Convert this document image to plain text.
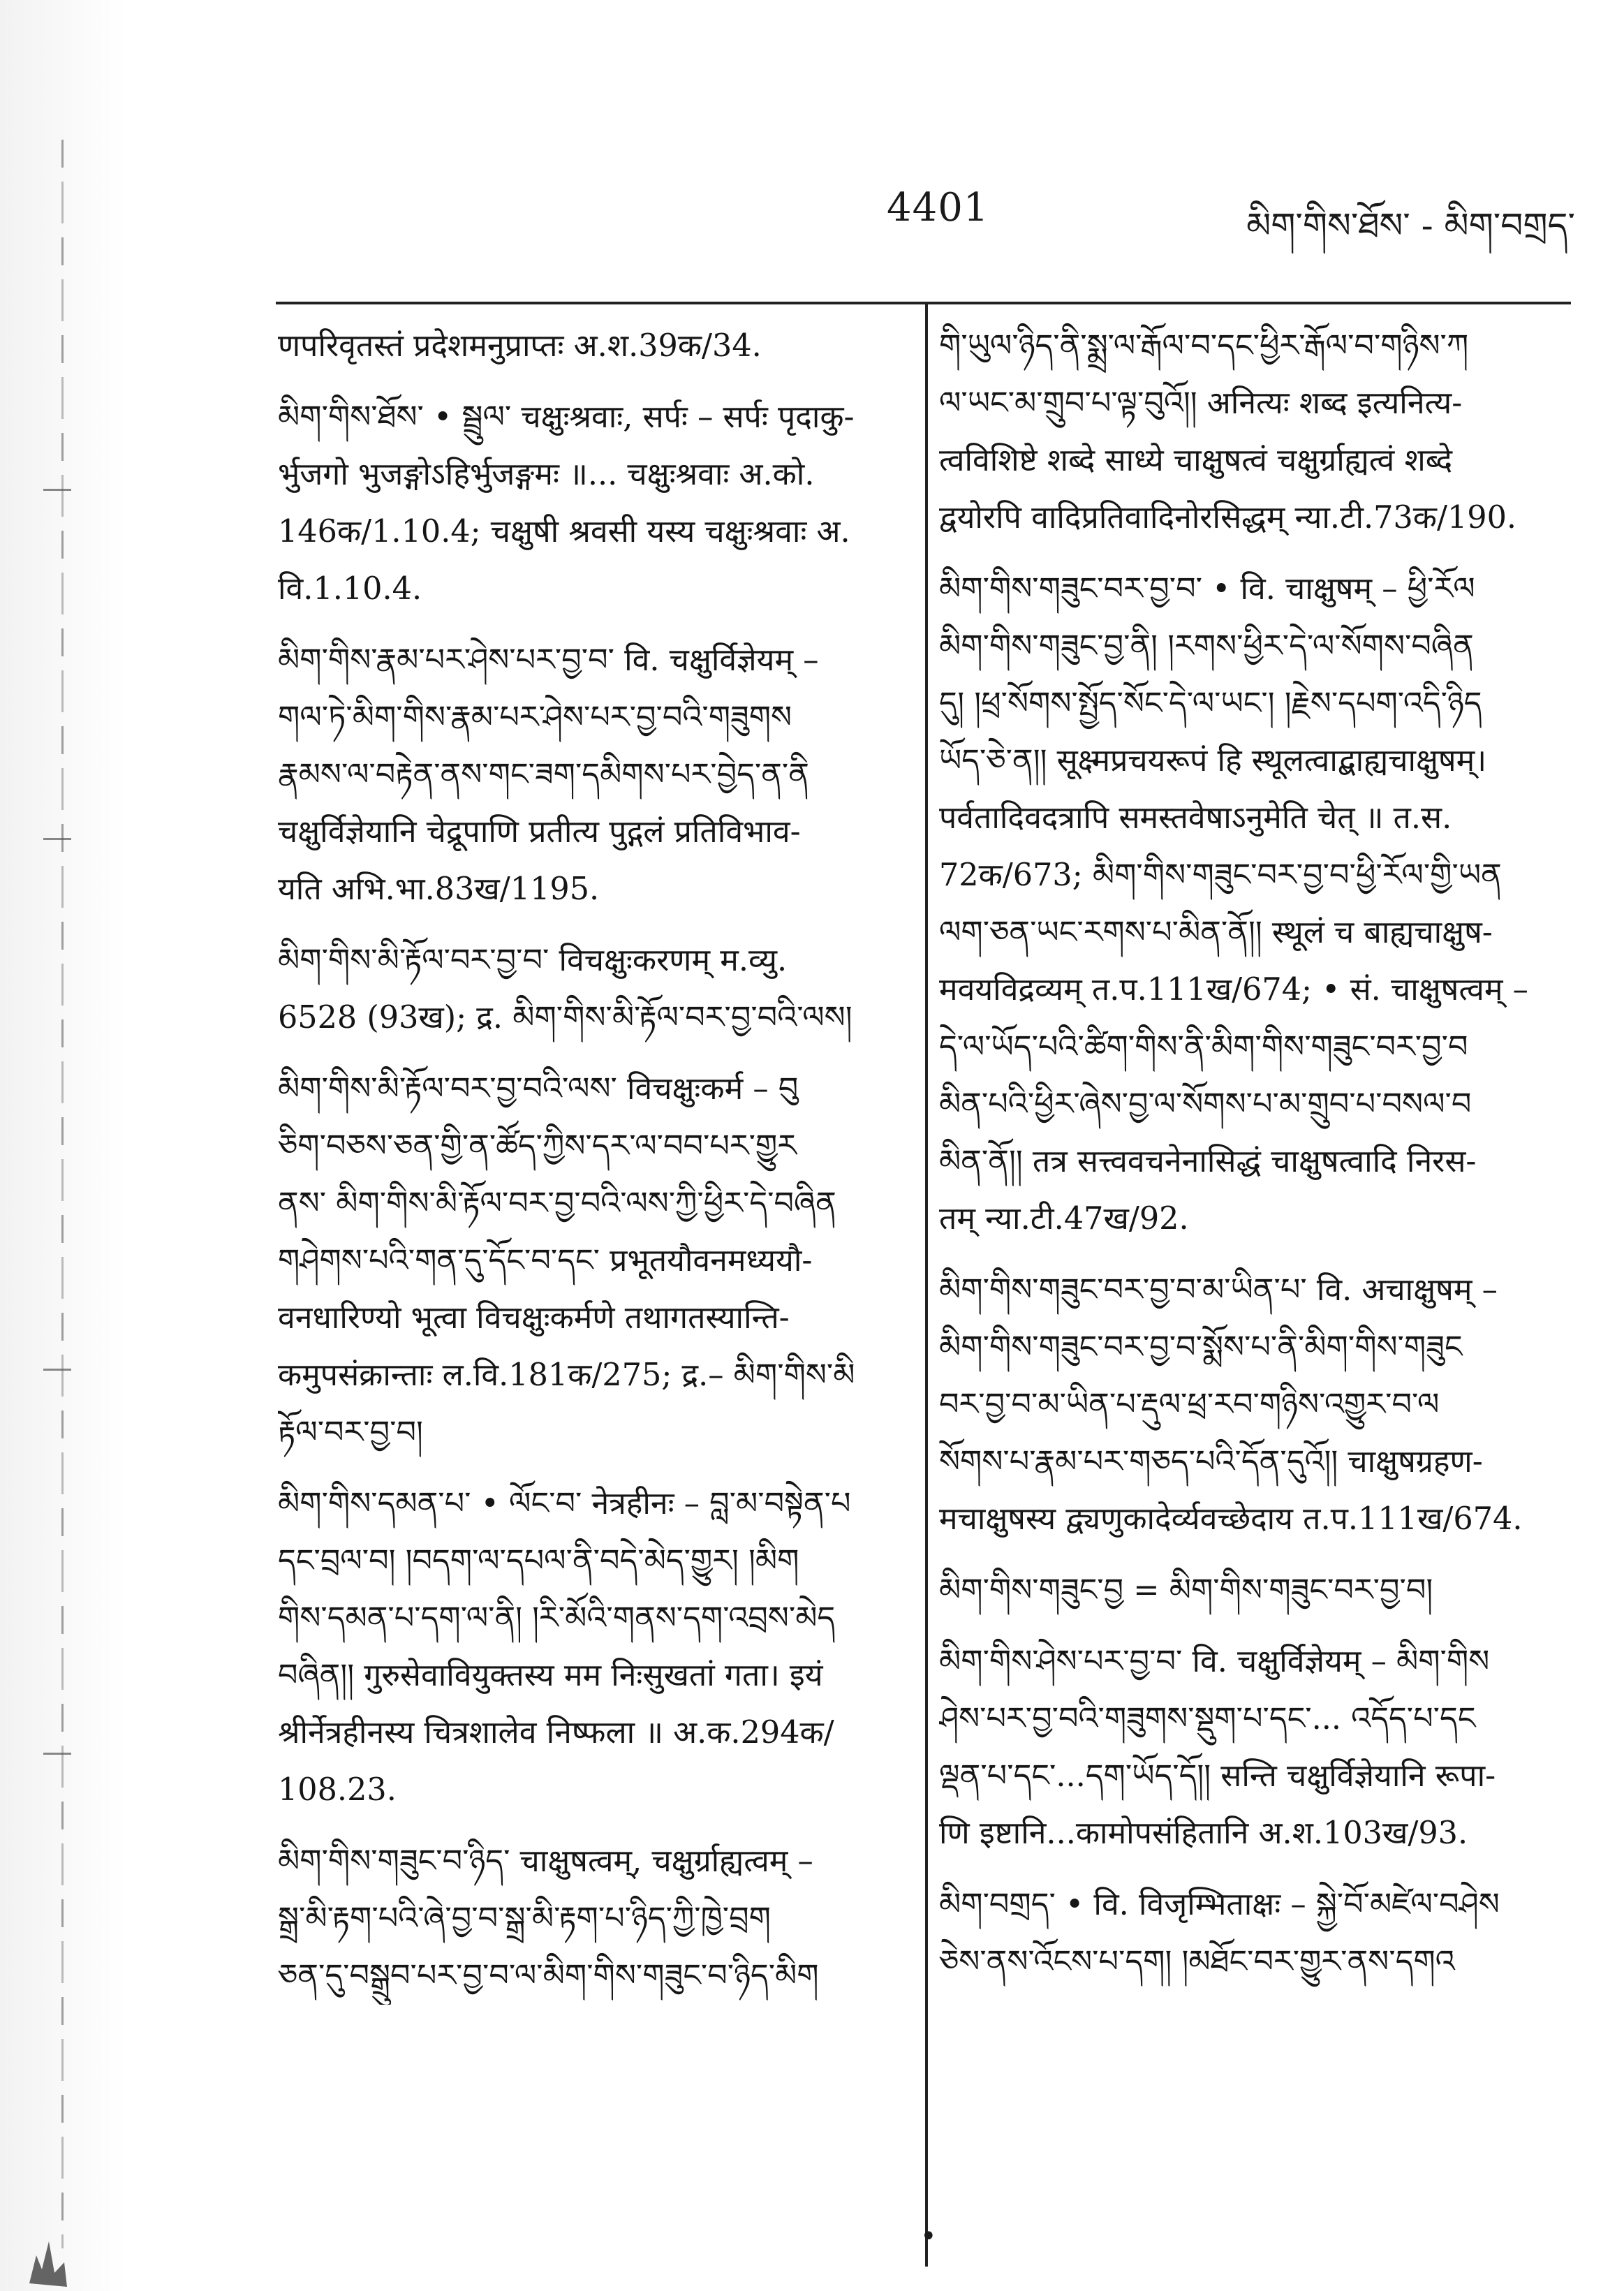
4401	མིག་གིས་ཐོས་ - མིག་བགྲད་
णपरिवृतस्तं प्रदेशमनुप्राप्तः अ.श.39क/34.
མིག་གིས་ཐོས་ • སྦྲུལ་ चक्षुःश्रवाः, सर्पः – सर्पः पृदाकु-
र्भुजगो भुजङ्गोऽहिर्भुजङ्गमः ॥... चक्षुःश्रवाः अ.को.
146क/1.10.4; चक्षुषी श्रवसी यस्य चक्षुःश्रवाः अ.
वि.1.10.4.
མིག་གིས་རྣམ་པར་ཤེས་པར་བྱ་བ་ वि. चक्षुर्विज्ञेयम् –
གལ་ཏེ་མིག་གིས་རྣམ་པར་ཤེས་པར་བྱ་བའི་གཟུགས
རྣམས་ལ་བརྟེན་ནས་གང་ཟག་དམིགས་པར་བྱེད་ན་ནི
चक्षुर्विज्ञेयानि चेद्रूपाणि प्रतीत्य पुद्गलं प्रतिविभाव-
यति अभि.भा.83ख/1195.
མིག་གིས་མི་རྟོལ་བར་བྱ་བ་ विचक्षुःकरणम् म.व्यु.
6528 (93ख); द्र. མིག་གིས་མི་རྟོལ་བར་བྱ་བའི་ལས།
མིག་གིས་མི་རྟོལ་བར་བྱ་བའི་ལས་ विचक्षुःकर्म – བུ
ཅིག་བཅས་ཅན་གྱི་ན་ཚོད་ཀྱིས་དར་ལ་བབ་པར་གྱུར
ནས་ མིག་གིས་མི་རྟོལ་བར་བྱ་བའི་ལས་ཀྱི་ཕྱིར་དེ་བཞིན
གཤེགས་པའི་གན་དུ་དོང་བ་དང་ प्रभूतयौवनमध्ययौ-
वनधारिण्यो भूत्वा विचक्षुःकर्मणे तथागतस्यान्ति-
कमुपसंक्रान्ताः ल.वि.181क/275; द्र.– མིག་གིས་མི
རྟོལ་བར་བྱ་བ།
མིག་གིས་དམན་པ་ • ལོང་བ་ नेत्रहीनः – བླ་མ་བསྟེན་པ
དང་བྲལ་བ། །བདག་ལ་དཔལ་ནི་བདེ་མེད་གྱུར། །མིག
གིས་དམན་པ་དག་ལ་ནི། །རི་མོའི་གནས་དག་འབྲས་མེད
བཞིན།། गुरुसेवावियुक्तस्य मम निःसुखतां गता। इयं
श्रीर्नेत्रहीनस्य चित्रशालेव निष्फला ॥ अ.क.294क/
108.23.
མིག་གིས་གཟུང་བ་ཉིད་ चाक्षुषत्वम्, चक्षुर्ग्राह्यत्वम् –
སྒྲ་མི་རྟག་པའི་ཞེ་བྱ་བ་སྒྲ་མི་རྟག་པ་ཉིད་ཀྱི་ཁྱེ་བྲག
ཅན་དུ་བསྒྲུབ་པར་བྱ་བ་ལ་མིག་གིས་གཟུང་བ་ཉིད་མིག
གི་ཡུལ་ཉིད་ནི་སྨྲ་ལ་རྒོལ་བ་དང་ཕྱིར་རྒོལ་བ་གཉིས་ཀ
ལ་ཡང་མ་གྲུབ་པ་ལྟ་བུའོ།། अनित्यः शब्द इत्यनित्य-
त्वविशिष्टे शब्दे साध्ये चाक्षुषत्वं चक्षुर्ग्राह्यत्वं शब्दे
द्वयोरपि वादिप्रतिवादिनोरसिद्धम् न्या.टी.73क/190.
མིག་གིས་གཟུང་བར་བྱ་བ་ • वि. चाक्षुषम् – ཕྱི་རོལ
མིག་གིས་གཟུང་བྱ་ནི། །རགས་ཕྱིར་དེ་ལ་སོགས་བཞིན
དུ། །ཕྲ་སོགས་སྤྱོད་སོང་དེ་ལ་ཡང་། །རྗེས་དཔག་འདི་ཉིད
ཡོད་ཅེ་ན།། सूक्ष्मप्रचयरूपं हि स्थूलत्वाद्बाह्यचाक्षुषम्।
पर्वतादिवदत्रापि समस्तवेषाऽनुमेति चेत् ॥ त.स.
72क/673; མིག་གིས་གཟུང་བར་བྱ་བ་ཕྱི་རོལ་གྱི་ཡན
ལག་ཅན་ཡང་རགས་པ་མིན་ནོ།། स्थूलं च बाह्यचाक्षुष-
मवयविद्रव्यम् त.प.111ख/674; • सं. चाक्षुषत्वम् –
དེ་ལ་ཡོད་པའི་ཚིག་གིས་ནི་མིག་གིས་གཟུང་བར་བྱ་བ
མིན་པའི་ཕྱིར་ཞེས་བྱ་ལ་སོགས་པ་མ་གྲུབ་པ་བསལ་བ
མིན་ནོ།། तत्र सत्त्ववचनेनासिद्धं चाक्षुषत्वादि निरस-
तम् न्या.टी.47ख/92.
མིག་གིས་གཟུང་བར་བྱ་བ་མ་ཡིན་པ་ वि. अचाक्षुषम् –
མིག་གིས་གཟུང་བར་བྱ་བ་སྨོས་པ་ནི་མིག་གིས་གཟུང
བར་བྱ་བ་མ་ཡིན་པ་རྡུལ་ཕྲ་རབ་གཉིས་འགྱུར་བ་ལ
སོགས་པ་རྣམ་པར་གཅད་པའི་དོན་དུའོ།། चाक्षुषग्रहण-
मचाक्षुषस्य द्व्यणुकादेर्व्यवच्छेदाय त.प.111ख/674.
མིག་གིས་གཟུང་བྱ = མིག་གིས་གཟུང་བར་བྱ་བ།
མིག་གིས་ཤེས་པར་བྱ་བ་ वि. चक्षुर्विज्ञेयम् – མིག་གིས
ཤེས་པར་བྱ་བའི་གཟུགས་སྡུག་པ་དང་... འདོད་པ་དང
ལྡན་པ་དང་...དག་ཡོད་དོ།། सन्ति चक्षुर्विज्ञेयानि रूपा-
णि इष्टानि...कामोपसंहितानि अ.श.103ख/93.
མིག་བགྲད་ • वि. विजृम्भिताक्षः – སྐྱེ་བོ་མཛེལ་བཤེས
ཅེས་ནས་འོངས་པ་དག། །མཐོང་བར་གྱུར་ནས་དགའ
•
